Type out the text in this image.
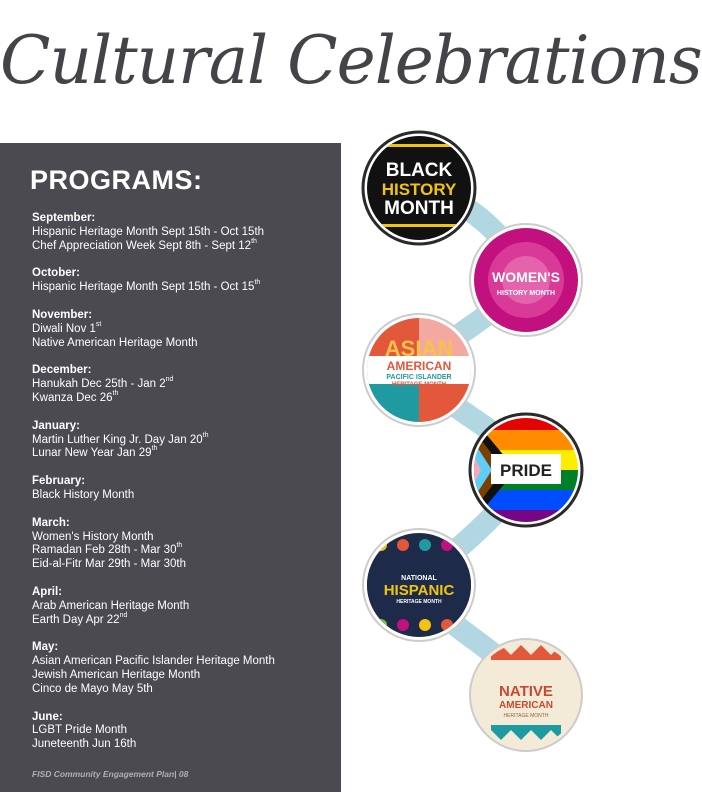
Cultural Celebrations
PROGRAMS:
September:
Hispanic Heritage Month Sept 15th - Oct 15th
Chef Appreciation Week Sept 8th - Sept 12th
October:
Hispanic Heritage Month Sept 15th - Oct 15th
November:
Diwali Nov 1st
Native American Heritage Month
December:
Hanukah Dec 25th - Jan 2nd
Kwanza Dec 26th
January:
Martin Luther King Jr. Day Jan 20th
Lunar New Year Jan 29th
February:
Black History Month
March:
Women's History Month
Ramadan Feb 28th - Mar 30th
Eid-al-Fitr Mar 29th - Mar 30th
April:
Arab American Heritage Month
Earth Day Apr 22nd
May:
Asian American Pacific Islander Heritage Month
Jewish American Heritage Month
Cinco de Mayo May 5th
June:
LGBT Pride Month
Juneteenth Jun 16th
FISD Community Engagement Plan| 08
BLACK
HISTORY
MONTH
WOMEN'S
HISTORY MONTH
ASIAN
AMERICAN
PACIFIC ISLANDER
HERITAGE MONTH
PRIDE
NATIONAL
HISPANIC
HERITAGE MONTH
NATIVE
AMERICAN
HERITAGE MONTH
